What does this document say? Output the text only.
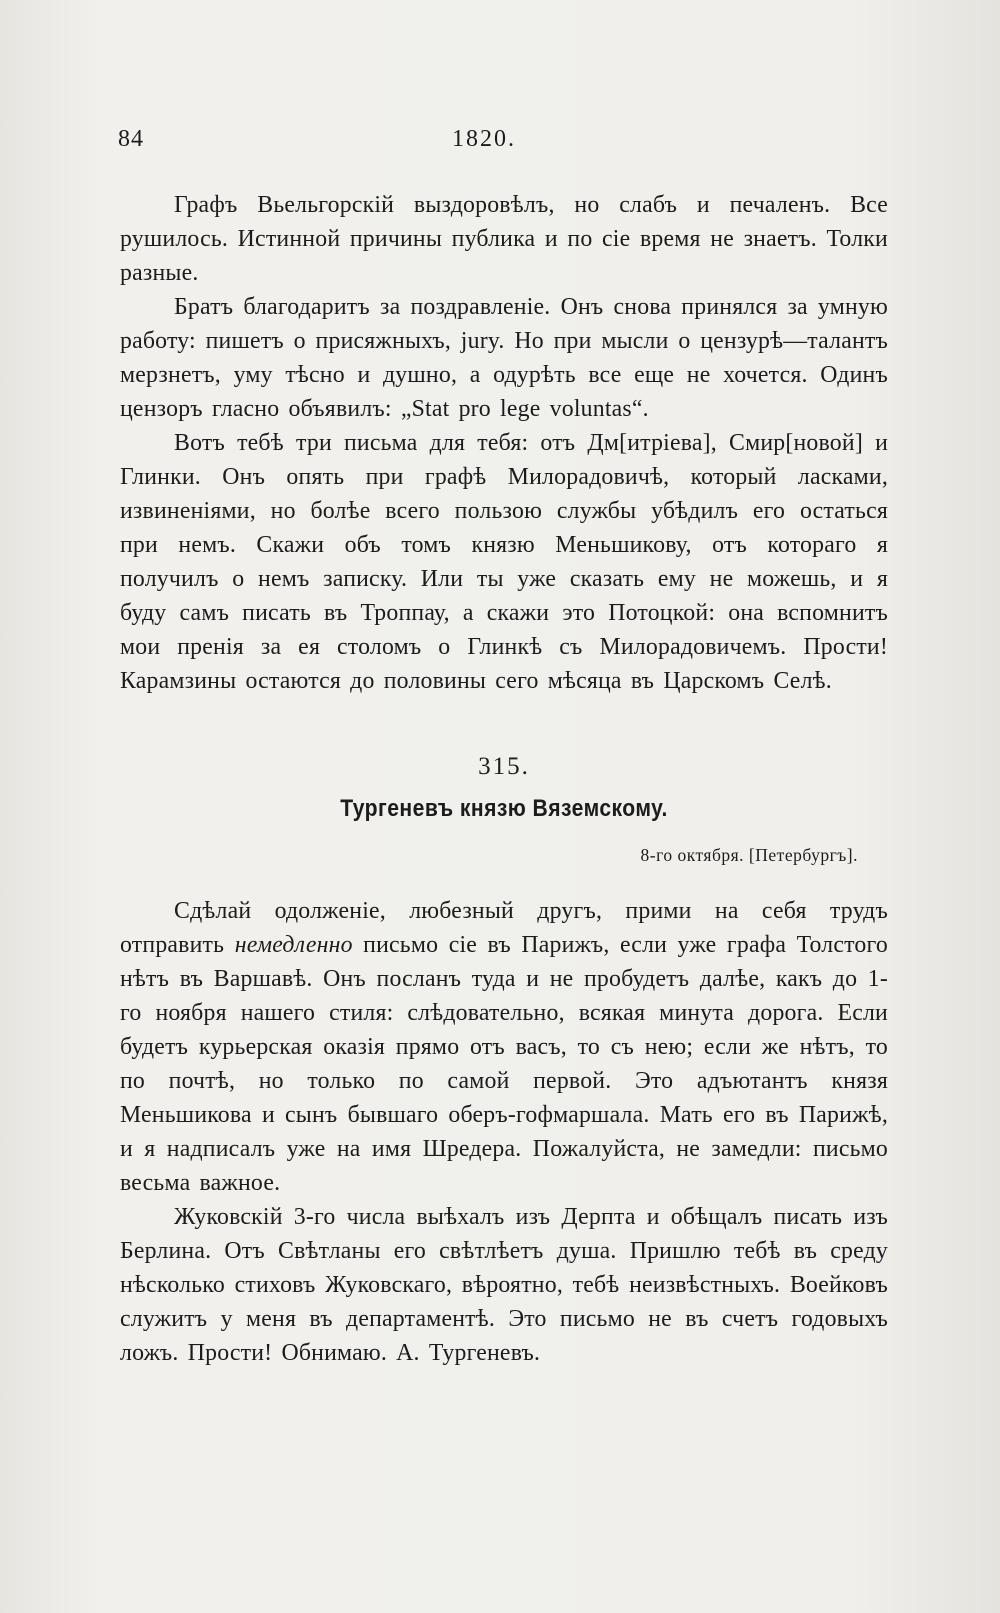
84	1820.

Графъ Вьельгорскій выздоровѣлъ, но слабъ и печаленъ. Все рушилось. Истинной причины публика и по сіе время не знаетъ. Толки разные.

Братъ благодаритъ за поздравленіе. Онъ снова принялся за умную работу: пишетъ о присяжныхъ, jury. Но при мысли о цензурѣ—талантъ мерзнетъ, уму тѣсно и душно, а одурѣть все еще не хочется. Одинъ цензоръ гласно объявилъ: „Stat pro lege voluntas“.

Вотъ тебѣ три письма для тебя: отъ Дм[итріева], Смир[новой] и Глинки. Онъ опять при графѣ Милорадовичѣ, который ласками, извиненіями, но болѣе всего пользою службы убѣдилъ его остаться при немъ. Скажи объ томъ князю Меньшикову, отъ котораго я получилъ о немъ записку. Или ты уже сказать ему не можешь, и я буду самъ писать въ Троппау, а скажи это Потоцкой: она вспомнитъ мои пренія за ея столомъ о Глинкѣ съ Милорадовичемъ. Прости! Карамзины остаются до половины сего мѣсяца въ Царскомъ Селѣ.

315.
Тургеневъ князю Вяземскому.
8-го октября. [Петербургъ].

Сдѣлай одолженіе, любезный другъ, прими на себя трудъ отправить немедленно письмо сіе въ Парижъ, если уже графа Толстого нѣтъ въ Варшавѣ. Онъ посланъ туда и не пробудетъ далѣе, какъ до 1-го ноября нашего стиля: слѣдовательно, всякая минута дорога. Если будетъ курьерская оказія прямо отъ васъ, то съ нею; если же нѣтъ, то по почтѣ, но только по самой первой. Это адъютантъ князя Меньшикова и сынъ бывшаго оберъ-гофмаршала. Мать его въ Парижѣ, и я надписалъ уже на имя Шредера. Пожалуйста, не замедли: письмо весьма важное.

Жуковскій 3-го числа выѣхалъ изъ Дерпта и обѣщалъ писать изъ Берлина. Отъ Свѣтланы его свѣтлѣетъ душа. Пришлю тебѣ въ среду нѣсколько стиховъ Жуковскаго, вѣроятно, тебѣ неизвѣстныхъ. Воейковъ служитъ у меня въ департаментѣ. Это письмо не въ счетъ годовыхъ ложъ. Прости! Обнимаю. А. Тургеневъ.
